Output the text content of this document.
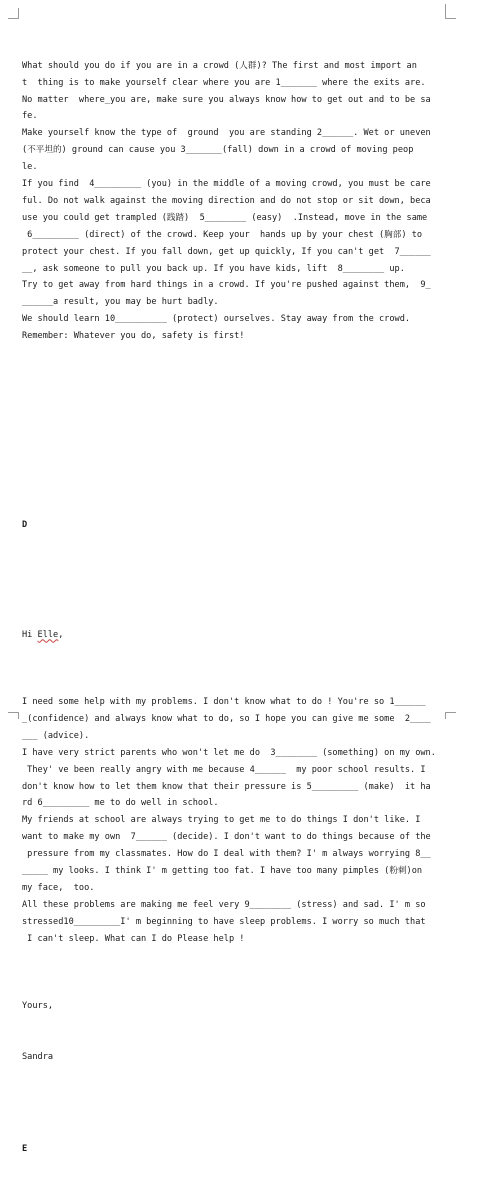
What should you do if you are in a crowd (人群)? The first and most import an
t  thing is to make yourself clear where you are 1_______ where the exits are.
No matter  where_you are, make sure you always know how to get out and to be sa
fe.
Make yourself know the type of  ground  you are standing 2______. Wet or uneven
(不平坦的) ground can cause you 3_______(fall) down in a crowd of moving peop
le.
If you find  4_________ (you) in the middle of a moving crowd, you must be care
ful. Do not walk against the moving direction and do not stop or sit down, beca
use you could get trampled (践踏)  5________ (easy)  .Instead, move in the same
6_________ (direct) of the crowd. Keep your  hands up by your chest (胸部) to
protect your chest. If you fall down, get up quickly, If you can't get  7______
__, ask someone to pull you back up. If you have kids, lift  8________ up.
Try to get away from hard things in a crowd. If you're pushed against them,  9_
______a result, you may be hurt badly.
We should learn 10__________ (protect) ourselves. Stay away from the crowd.
Remember: Whatever you do, safety is first!

D

Hi Elle,

I need some help with my problems. I don't know what to do ! You're so 1______
_(confidence) and always know what to do, so I hope you can give me some  2____
___ (advice).
I have very strict parents who won't let me do  3________ (something) on my own.
They' ve been really angry with me because 4______  my poor school results. I
don't know how to let them know that their pressure is 5_________ (make)  it ha
rd 6_________ me to do well in school.
My friends at school are always trying to get me to do things I don't like. I
want to make my own  7______ (decide). I don't want to do things because of the
pressure from my classmates. How do I deal with them? I' m always worrying 8__
_____ my looks. I think I' m getting too fat. I have too many pimples (粉刺)on
my face,  too.
All these problems are making me feel very 9________ (stress) and sad. I' m so
stressed10_________I' m beginning to have sleep problems. I worry so much that
I can't sleep. What can I do Please help !

Yours,

Sandra

E
